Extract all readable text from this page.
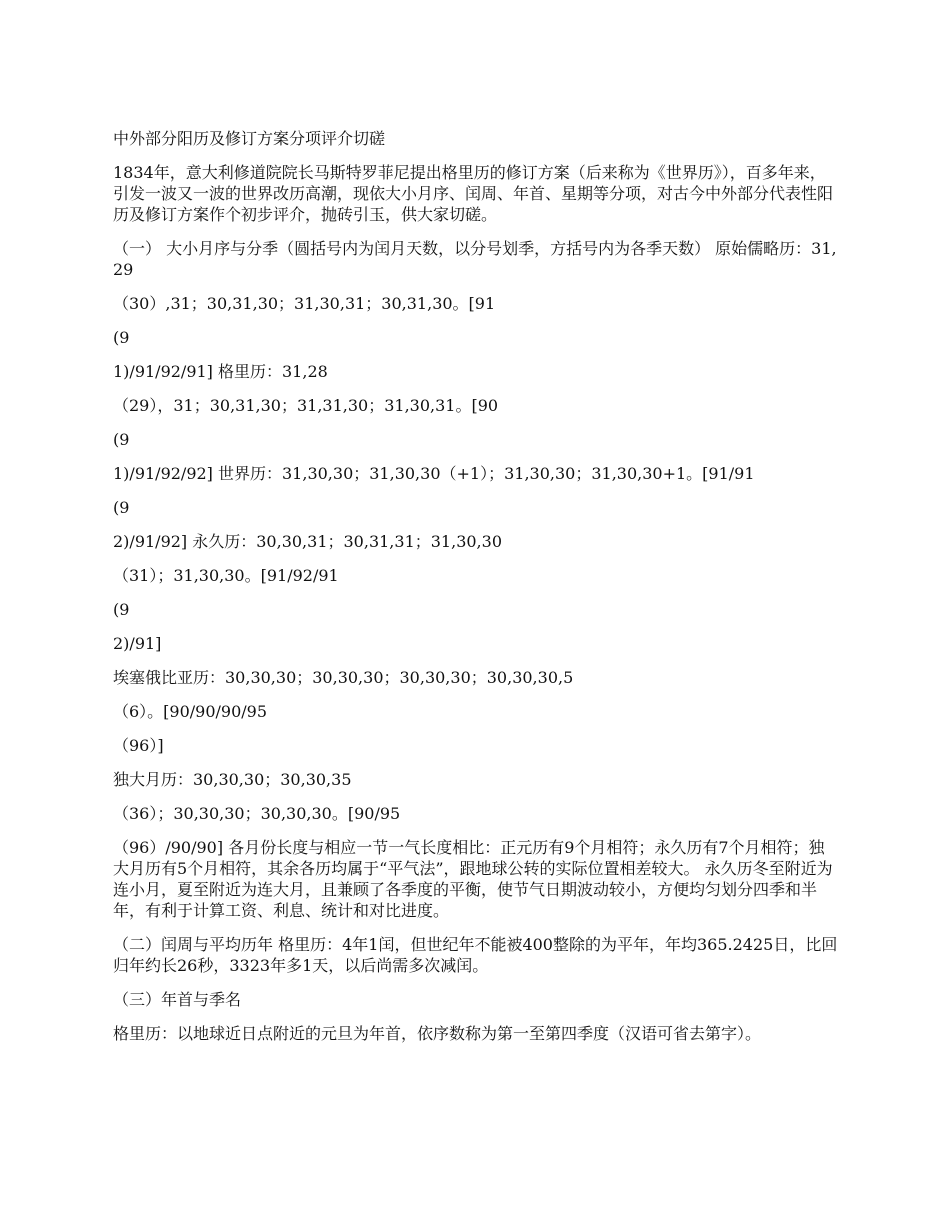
中外部分阳历及修订方案分项评介切磋

1834年，意大利修道院院长马斯特罗菲尼提出格里历的修订方案（后来称为《世界历》），百多年来，引发一波又一波的世界改历高潮，现依大小月序、闰周、年首、星期等分项，对古今中外部分代表性阳历及修订方案作个初步评介，抛砖引玉，供大家切磋。

（一） 大小月序与分季（圆括号内为闰月天数，以分号划季，方括号内为各季天数） 原始儒略历：31,29

（30）,31；30,31,30；31,30,31；30,31,30。[91

(9

1)/91/92/91] 格里历：31,28

（29），31；30,31,30；31,31,30；31,30,31。[90

(9

1)/91/92/92] 世界历：31,30,30；31,30,30（+1）；31,30,30；31,30,30+1。[91/91

(9

2)/91/92] 永久历：30,30,31；30,31,31；31,30,30

（31）；31,30,30。[91/92/91

(9

2)/91]

埃塞俄比亚历：30,30,30；30,30,30；30,30,30；30,30,30,5

（6）。[90/90/90/95

（96）]

独大月历：30,30,30；30,30,35

（36）；30,30,30；30,30,30。[90/95

（96）/90/90] 各月份长度与相应一节一气长度相比：正元历有9个月相符；永久历有7个月相符；独大月历有5个月相符，其余各历均属于“平气法”，跟地球公转的实际位置相差较大。 永久历冬至附近为连小月，夏至附近为连大月，且兼顾了各季度的平衡，使节气日期波动较小，方便均匀划分四季和半年，有利于计算工资、利息、统计和对比进度。

（二）闰周与平均历年 格里历：4年1闰，但世纪年不能被400整除的为平年，年均365.2425日，比回归年约长26秒，3323年多1天，以后尚需多次减闰。

（三）年首与季名

格里历：以地球近日点附近的元旦为年首，依序数称为第一至第四季度（汉语可省去第字）。
